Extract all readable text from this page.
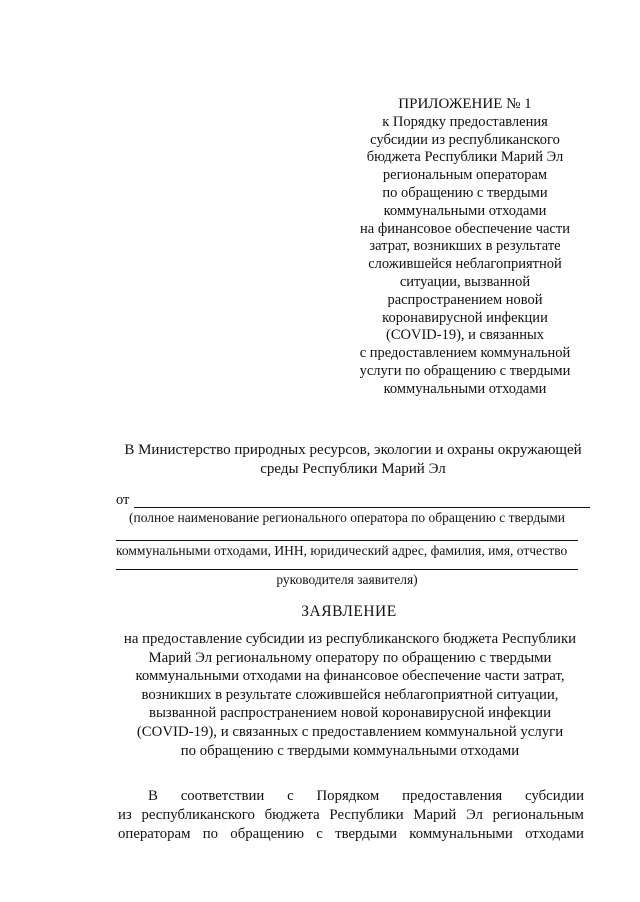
ПРИЛОЖЕНИЕ № 1
к Порядку предоставления
субсидии из республиканского
бюджета Республики Марий Эл
региональным операторам
по обращению с твердыми
коммунальными отходами
на финансовое обеспечение части
затрат, возникших в результате
сложившейся неблагоприятной
ситуации, вызванной
распространением новой
коронавирусной инфекции
(COVID-19), и связанных
с предоставлением коммунальной
услуги по обращению с твердыми
коммунальными отходами
В Министерство природных ресурсов, экологии и охраны окружающей
среды Республики Марий Эл
от
(полное наименование регионального оператора по обращению с твердыми
коммунальными отходами, ИНН, юридический адрес, фамилия, имя, отчество
руководителя заявителя)
ЗАЯВЛЕНИЕ
на предоставление субсидии из республиканского бюджета Республики
Марий Эл региональному оператору по обращению с твердыми
коммунальными отходами на финансовое обеспечение части затрат,
возникших в результате сложившейся неблагоприятной ситуации,
вызванной распространением новой коронавирусной инфекции
(COVID-19), и связанных с предоставлением коммунальной услуги
по обращению с твердыми коммунальными отходами
В соответствии с Порядком предоставления субсидии
из республиканского бюджета Республики Марий Эл региональным
операторам по обращению с твердыми коммунальными отходами
